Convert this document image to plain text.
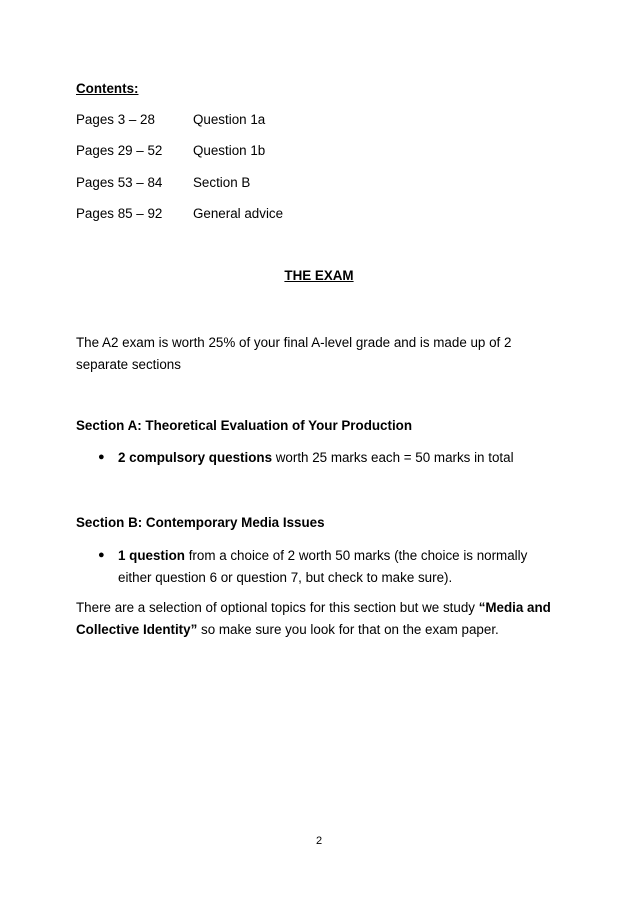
Contents:
Pages 3 – 28	Question 1a
Pages 29 – 52 Question 1b
Pages 53 – 84 Section B
Pages 85 – 92 General advice
THE EXAM
The A2 exam is worth 25% of your final A-level grade and is made up of 2 separate sections
Section A: Theoretical Evaluation of Your Production
● 2 compulsory questions worth 25 marks each = 50 marks in total
Section B: Contemporary Media Issues
● 1 question from a choice of 2 worth 50 marks (the choice is normally either question 6 or question 7, but check to make sure).
There are a selection of optional topics for this section but we study “Media and Collective Identity” so make sure you look for that on the exam paper.
2
